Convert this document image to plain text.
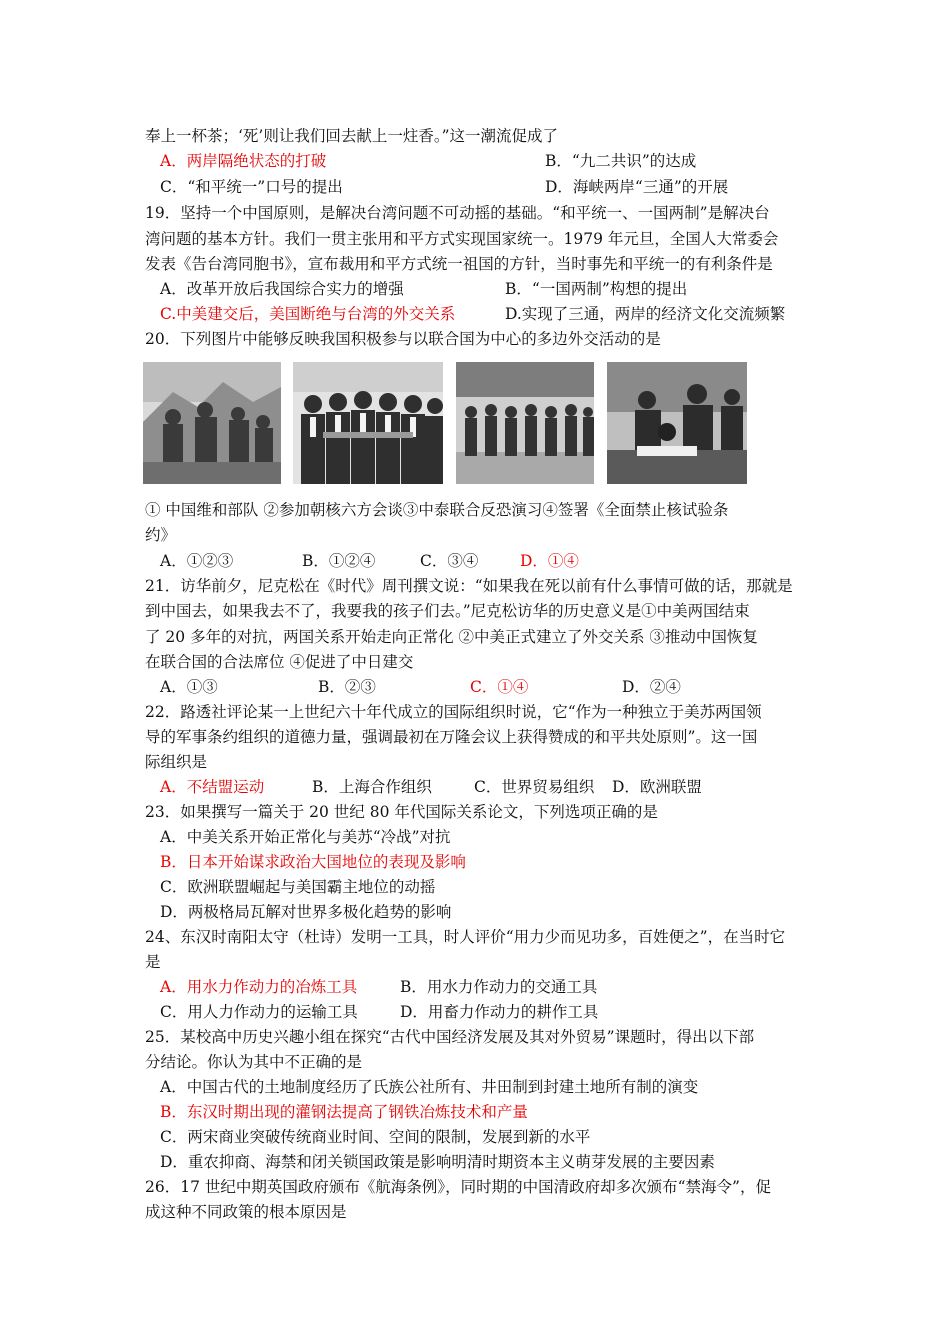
奉上一杯茶；‘死’则让我们回去献上一炷香。”这一潮流促成了
A．两岸隔绝状态的打破	B．“九二共识”的达成
C．“和平统一”口号的提出	D．海峡两岸“三通”的开展
19．坚持一个中国原则，是解决台湾问题不可动摇的基础。“和平统一、一国两制”是解决台
湾问题的基本方针。我们一贯主张用和平方式实现国家统一。1979 年元旦，全国人大常委会
发表《告台湾同胞书》，宣布裁用和平方式统一祖国的方针，当时事先和平统一的有利条件是
A．改革开放后我国综合实力的增强	B．“一国两制”构想的提出
C.中美建交后，美国断绝与台湾的外交关系	D.实现了三通，两岸的经济文化交流频繁
20．下列图片中能够反映我国积极参与以联合国为中心的多边外交活动的是
① 中国维和部队 ②参加朝核六方会谈③中泰联合反恐演习④签署《全面禁止核试验条
约》
A．①②③	B．①②④	C．③④	D．①④
21．访华前夕，尼克松在《时代》周刊撰文说：“如果我在死以前有什么事情可做的话，那就是
到中国去，如果我去不了，我要我的孩子们去。”尼克松访华的历史意义是①中美两国结束
了 20 多年的对抗，两国关系开始走向正常化 ②中美正式建立了外交关系 ③推动中国恢复
在联合国的合法席位 ④促进了中日建交
A．①③	B．②③	C．①④	D．②④
22．路透社评论某一上世纪六十年代成立的国际组织时说，它“作为一种独立于美苏两国领
导的军事条约组织的道德力量，强调最初在万隆会议上获得赞成的和平共处原则”。这一国
际组织是
A．不结盟运动	B．上海合作组织	C．世界贸易组织 D．欧洲联盟
23．如果撰写一篇关于 20 世纪 80 年代国际关系论文，下列选项正确的是
A．中美关系开始正常化与美苏“冷战”对抗
B．日本开始谋求政治大国地位的表现及影响
C．欧洲联盟崛起与美国霸主地位的动摇
D．两极格局瓦解对世界多极化趋势的影响
24、东汉时南阳太守（杜诗）发明一工具，时人评价“用力少而见功多，百姓便之”，在当时它
是
A．用水力作动力的冶炼工具	B．用水力作动力的交通工具
C．用人力作动力的运输工具	D．用畜力作动力的耕作工具
25．某校高中历史兴趣小组在探究“古代中国经济发展及其对外贸易”课题时，得出以下部
分结论。你认为其中不正确的是
A．中国古代的土地制度经历了氏族公社所有、井田制到封建土地所有制的演变
B．东汉时期出现的灌钢法提高了钢铁冶炼技术和产量
C．两宋商业突破传统商业时间、空间的限制，发展到新的水平
D．重农抑商、海禁和闭关锁国政策是影响明清时期资本主义萌芽发展的主要因素
26．17 世纪中期英国政府颁布《航海条例》，同时期的中国清政府却多次颁布“禁海令”，促
成这种不同政策的根本原因是
